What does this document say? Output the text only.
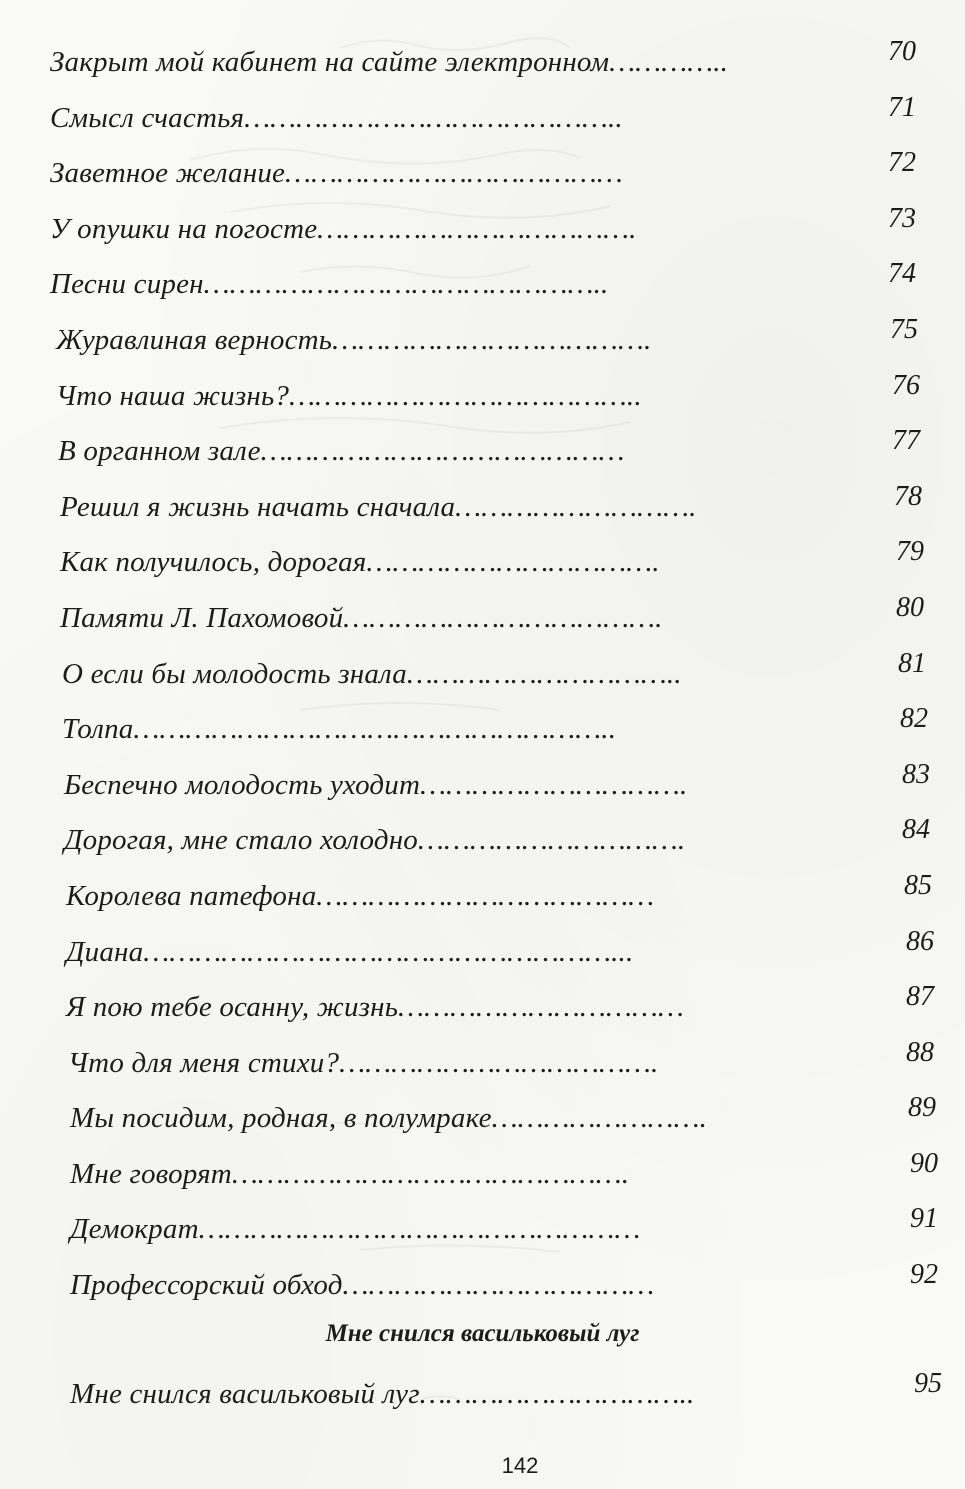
Закрыт мой кабинет на сайте электронном…………..	70
Смысл счастья……………………………………..	71
Заветное желание…………………………………	72
У опушки на погосте……………………………….	73
Песни сирен………………………………………..	74
Журавлиная верность……………………………….	75
Что наша жизнь?…………………………………..	76
В органном зале……………………………………	77
Решил я жизнь начать сначала……………………….	78
Как получилось, дорогая…………………………….	79
Памяти Л. Пахомовой……………………………….	80
О если бы молодость знала…………………………..	81
Толпа………………………………………………..	82
Беспечно молодость уходит………………………….	83
Дорогая, мне стало холодно………………………….	84
Королева патефона…………………………………	85
Диана………………………………………………...	86
Я пою тебе осанну, жизнь……………………………	87
Что для меня стихи?……………………………….	88
Мы посидим, родная, в полумраке…………………….	89
Мне говорят……………………………………….	90
Демократ……………………………………………	91
Профессорский обход………………………………	92
Мне снился васильковый луг
142
Мне снился васильковый луг…………………………..	95
